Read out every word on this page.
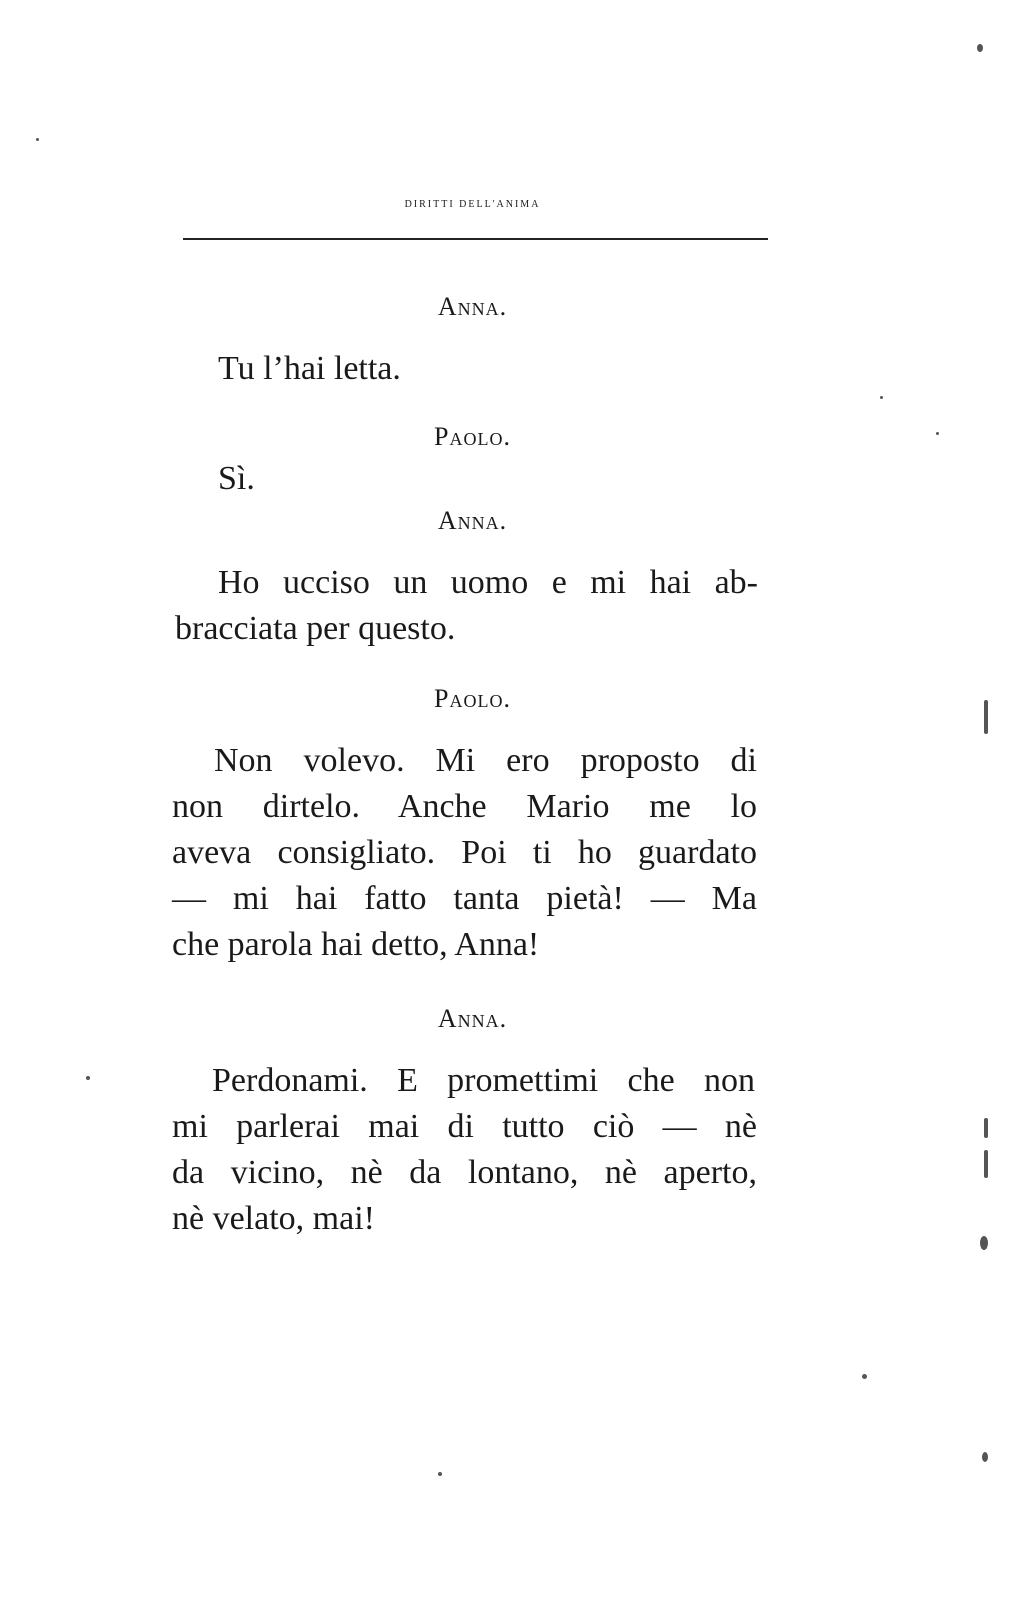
diritti dell'anima
Anna.
Tu l’hai letta.
Paolo.
Sì.
Anna.
Ho ucciso un uomo e mi hai ab-
bracciata per questo.
Paolo.
Non volevo. Mi ero proposto di
non dirtelo. Anche Mario me lo
aveva consigliato. Poi ti ho guardato
— mi hai fatto tanta pietà! — Ma
che parola hai detto, Anna!
Anna.
Perdonami. E promettimi che non
mi parlerai mai di tutto ciò — nè
da vicino, nè da lontano, nè aperto,
nè velato, mai!
